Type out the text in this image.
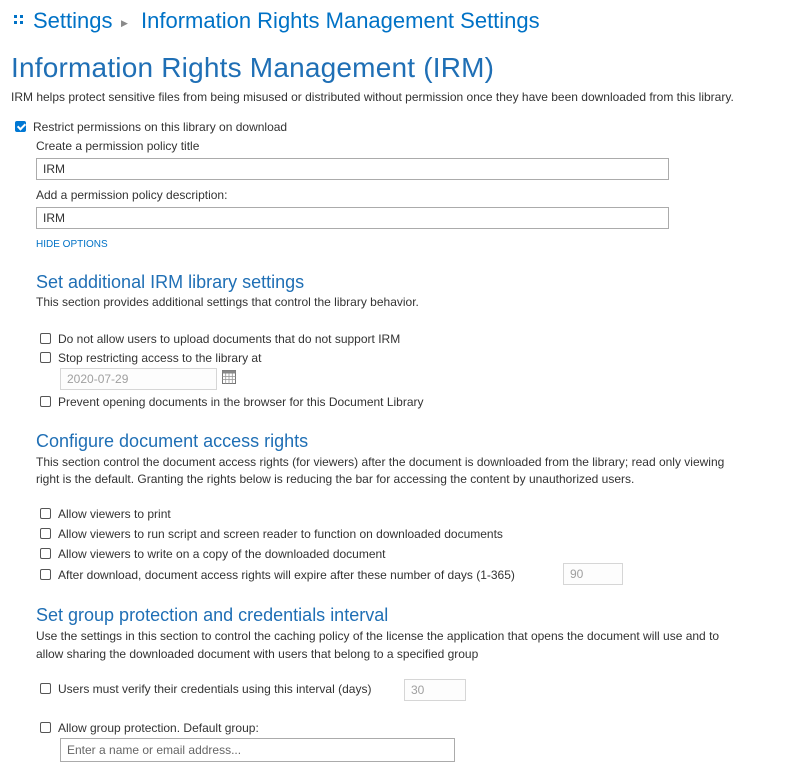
Settings ▶ Information Rights Management Settings
Information Rights Management (IRM)
IRM helps protect sensitive files from being misused or distributed without permission once they have been downloaded from this library.
Restrict permissions on this library on download
Create a permission policy title
IRM
Add a permission policy description:
IRM
HIDE OPTIONS
Set additional IRM library settings
This section provides additional settings that control the library behavior.
Do not allow users to upload documents that do not support IRM
Stop restricting access to the library at
2020-07-29
Prevent opening documents in the browser for this Document Library
Configure document access rights
This section control the document access rights (for viewers) after the document is downloaded from the library; read only viewing
right is the default. Granting the rights below is reducing the bar for accessing the content by unauthorized users.
Allow viewers to print
Allow viewers to run script and screen reader to function on downloaded documents
Allow viewers to write on a copy of the downloaded document
After download, document access rights will expire after these number of days (1-365)	90
Set group protection and credentials interval
Use the settings in this section to control the caching policy of the license the application that opens the document will use and to
allow sharing the downloaded document with users that belong to a specified group
Users must verify their credentials using this interval (days)	30
Allow group protection. Default group:
Enter a name or email address...
